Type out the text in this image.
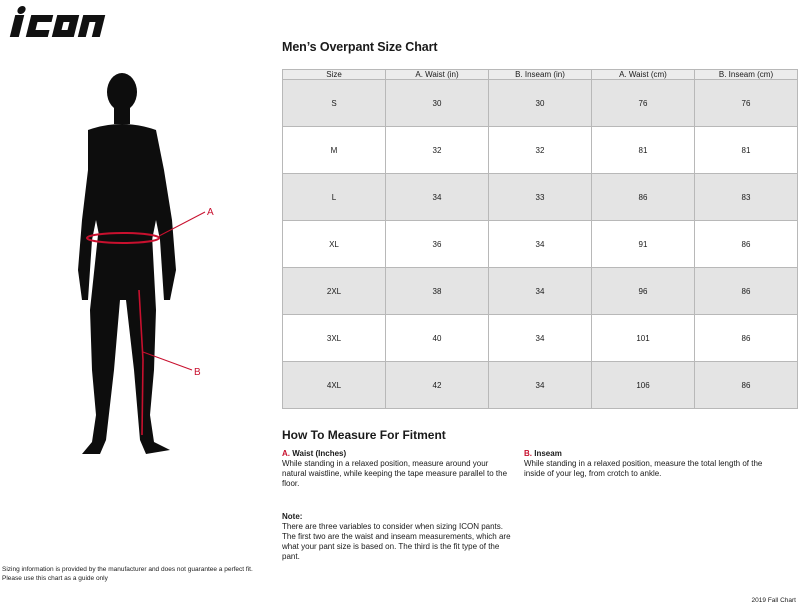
A
B
Men’s Overpant Size Chart
Size	A. Waist (in)	B. Inseam (in)	A. Waist (cm)	B. Inseam (cm)
S	30	30	76	76
M	32	32	81	81
L	34	33	86	83
XL	36	34	91	86
2XL	38	34	96	86
3XL	40	34	101	86
4XL	42	34	106	86
How To Measure For Fitment
A. Waist (Inches)
While standing in a relaxed position, measure around your natural waistline, while keeping the tape measure parallel to the floor.
B. Inseam
While standing in a relaxed position, measure the total length of the inside of your leg, from crotch to ankle.
Note:
There are three variables to consider when sizing ICON pants. The first two are the waist and inseam measurements, which are what your pant size is based on. The third is the fit type of the pant.
Sizing information is provided by the manufacturer and does not guarantee a perfect fit.
Please use this chart as a guide only
2019 Fall Chart
